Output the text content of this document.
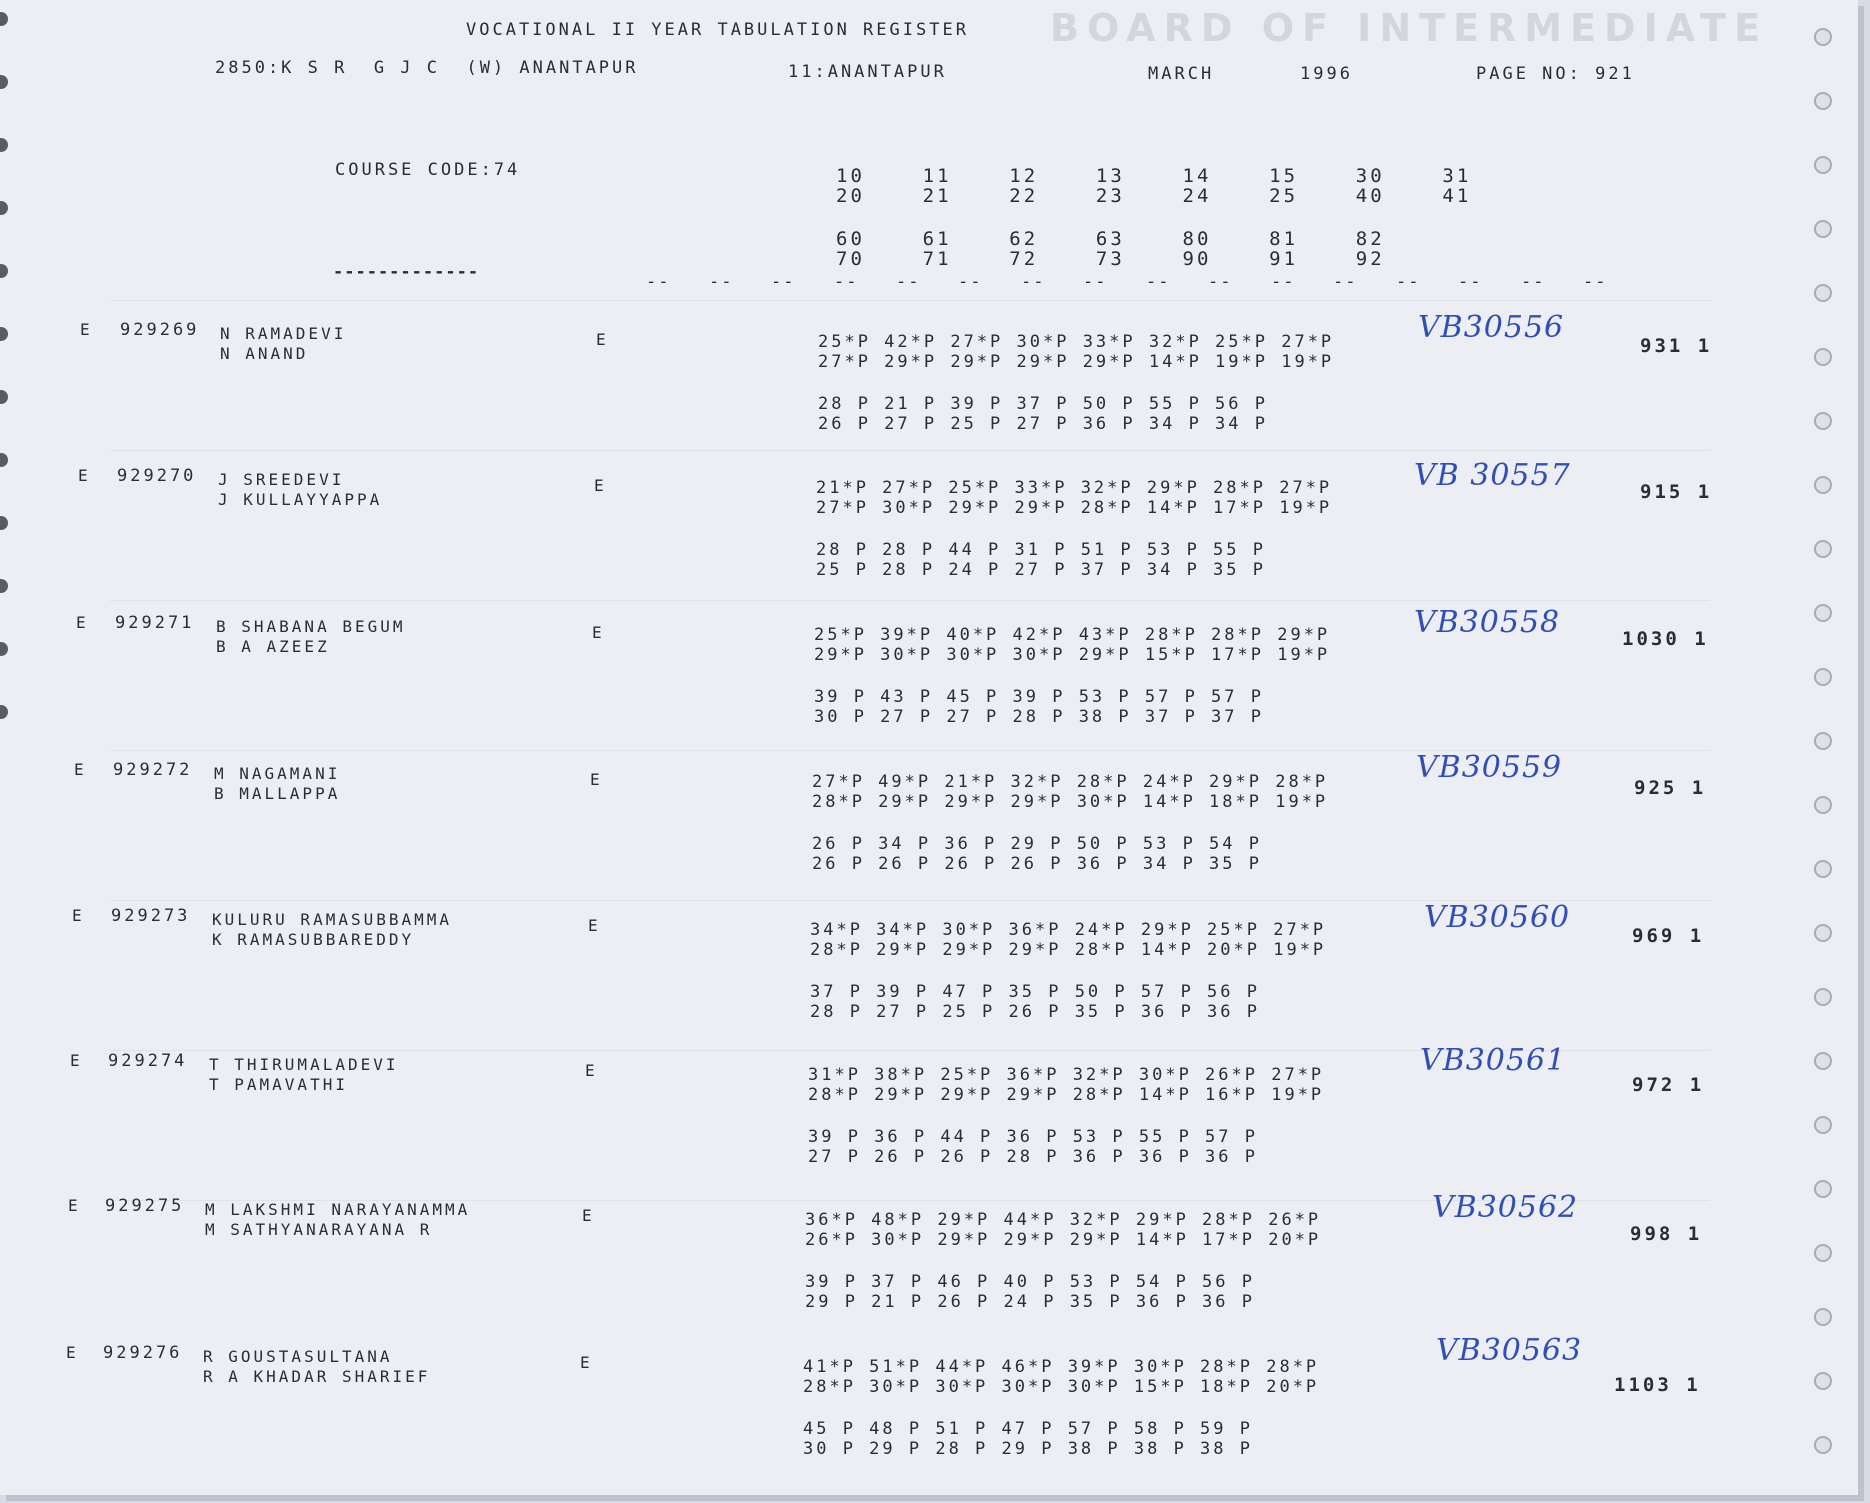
BOARD OF INTERMEDIATE
VOCATIONAL II YEAR TABULATION REGISTER
2850:K S R  G J C  (W) ANANTAPUR	11:ANANTAPUR	MARCH	1996	PAGE NO: 921
COURSE CODE:74	10    11    12    13    14    15    30    31
20    21    22    23    24    25    40    41
60    61    62    63    80    81    82
70    71    72    73    90    91    92
-------------	-- -- -- -- -- -- -- -- -- -- -- -- -- -- -- --
E 929269 N RAMADEVI
N ANAND
E	25*P 42*P 27*P 30*P 33*P 32*P 25*P 27*P
27*P 29*P 29*P 29*P 29*P 14*P 19*P 19*P
28 P 21 P 39 P 37 P 50 P 55 P 56 P
26 P 27 P 25 P 27 P 36 P 34 P 34 P
VB30556
931 1
E 929270 J SREEDEVI
J KULLAYYAPPA
E	21*P 27*P 25*P 33*P 32*P 29*P 28*P 27*P
27*P 30*P 29*P 29*P 28*P 14*P 17*P 19*P
28 P 28 P 44 P 31 P 51 P 53 P 55 P
25 P 28 P 24 P 27 P 37 P 34 P 35 P
VB 30557	915 1
E 929271 B SHABANA BEGUM
B A AZEEZ
E	25*P 39*P 40*P 42*P 43*P 28*P 28*P 29*P
29*P 30*P 30*P 30*P 29*P 15*P 17*P 19*P
39 P 43 P 45 P 39 P 53 P 57 P 57 P
30 P 27 P 27 P 28 P 38 P 37 P 37 P
VB30558	1030 1
E 929272 M NAGAMANI
B MALLAPPA
E	27*P 49*P 21*P 32*P 28*P 24*P 29*P 28*P
28*P 29*P 29*P 29*P 30*P 14*P 18*P 19*P
26 P 34 P 36 P 29 P 50 P 53 P 54 P
26 P 26 P 26 P 26 P 36 P 34 P 35 P
VB30559
925 1
E 929273 KULURU RAMASUBBAMMA
K RAMASUBBAREDDY
E	34*P 34*P 30*P 36*P 24*P 29*P 25*P 27*P
28*P 29*P 29*P 29*P 28*P 14*P 20*P 19*P
37 P 39 P 47 P 35 P 50 P 57 P 56 P
28 P 27 P 25 P 26 P 35 P 36 P 36 P
VB30560
969 1
E 929274 T THIRUMALADEVI
T PAMAVATHI
E	31*P 38*P 25*P 36*P 32*P 30*P 26*P 27*P
28*P 29*P 29*P 29*P 28*P 14*P 16*P 19*P
39 P 36 P 44 P 36 P 53 P 55 P 57 P
27 P 26 P 26 P 28 P 36 P 36 P 36 P
VB30561
972 1
E 929275 M LAKSHMI NARAYANAMMA
M SATHYANARAYANA R
E	36*P 48*P 29*P 44*P 32*P 29*P 28*P 26*P
26*P 30*P 29*P 29*P 29*P 14*P 17*P 20*P
39 P 37 P 46 P 40 P 53 P 54 P 56 P
29 P 21 P 26 P 24 P 35 P 36 P 36 P
VB30562
998 1
E 929276 R GOUSTASULTANA
R A KHADAR SHARIEF
E	41*P 51*P 44*P 46*P 39*P 30*P 28*P 28*P
28*P 30*P 30*P 30*P 30*P 15*P 18*P 20*P
45 P 48 P 51 P 47 P 57 P 58 P 59 P
30 P 29 P 28 P 29 P 38 P 38 P 38 P
VB30563
1103 1
